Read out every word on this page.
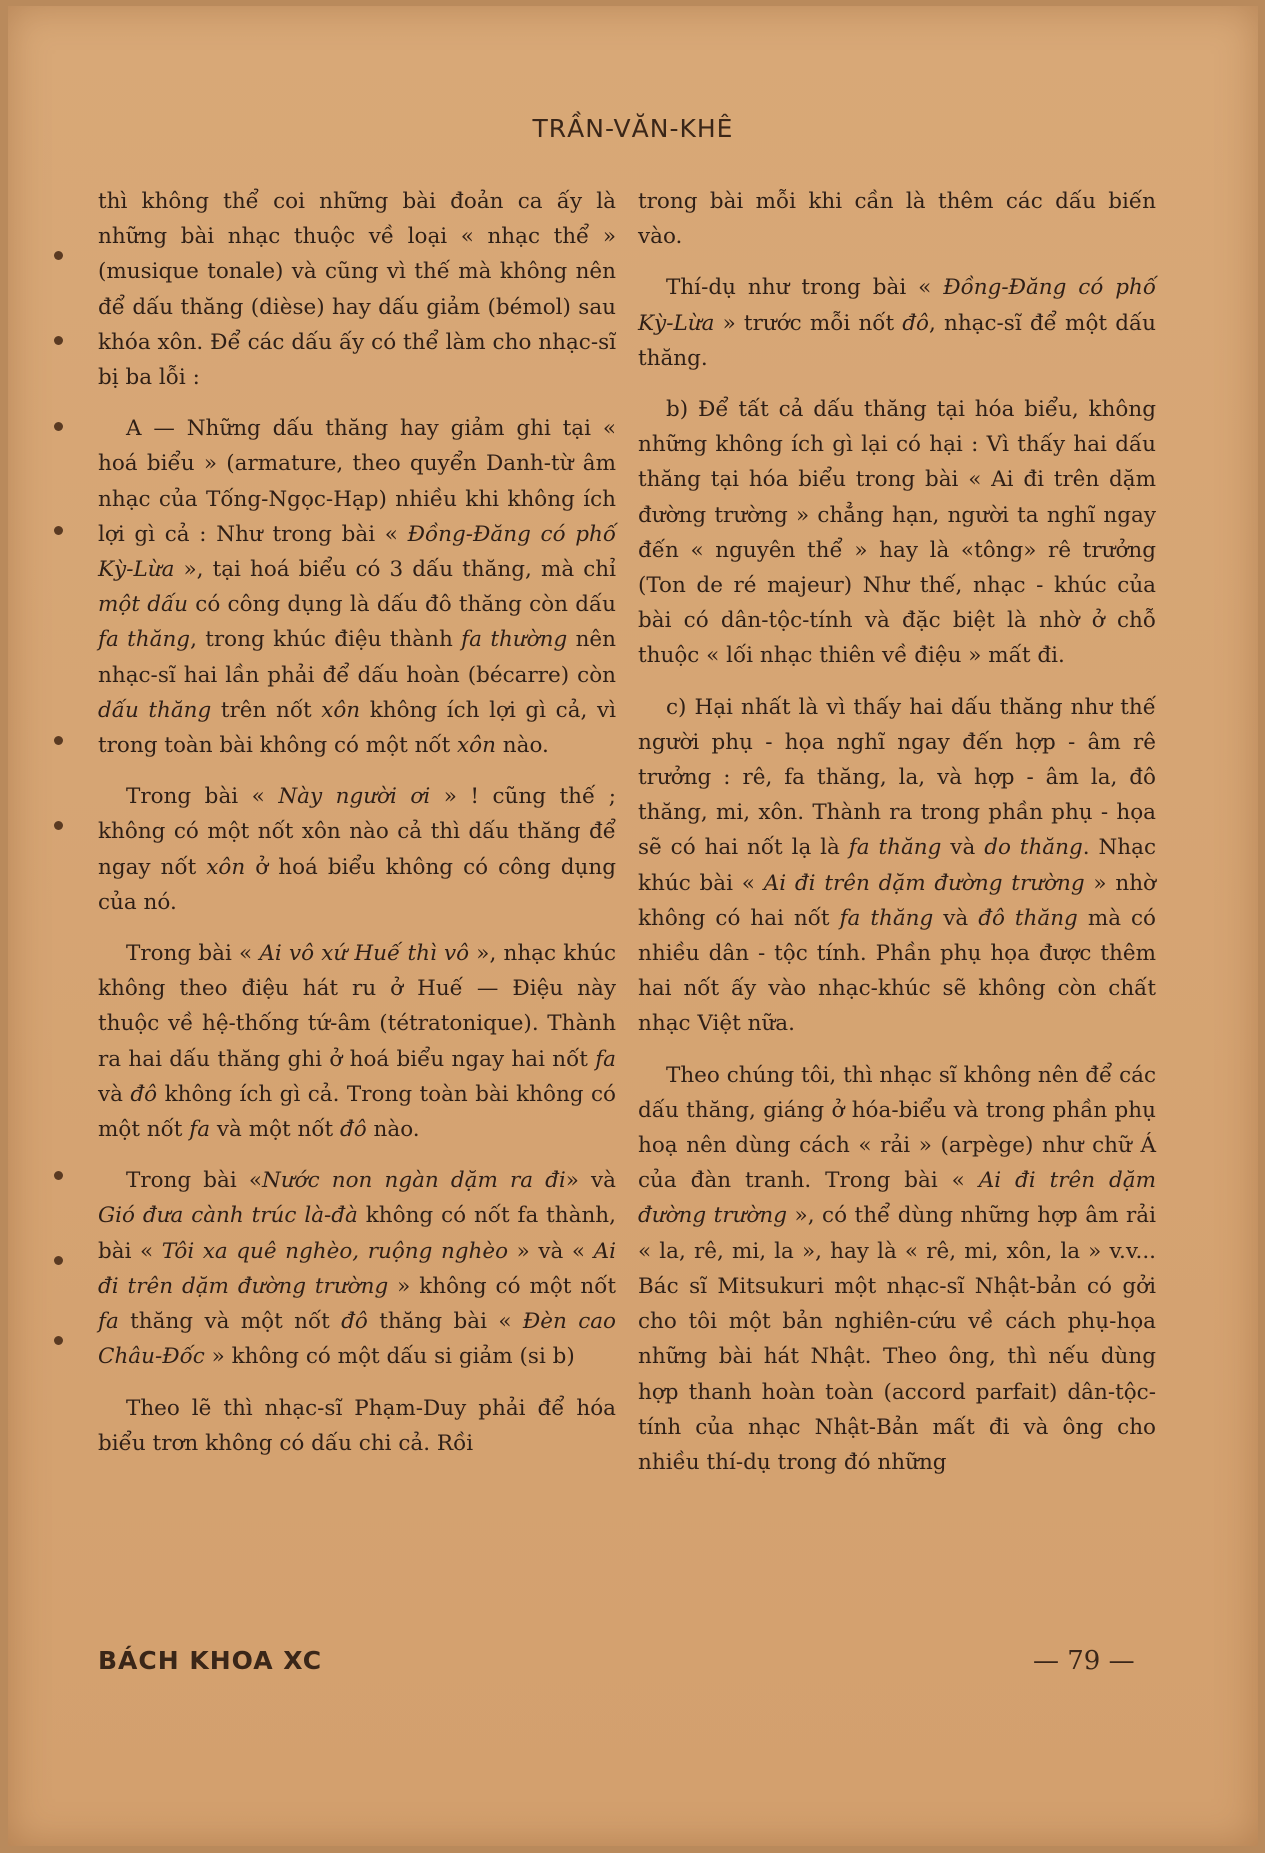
TRẦN-VĂN-KHÊ

thì không thể coi những bài đoản ca ấy là những bài nhạc thuộc về loại « nhạc thể » (musique tonale) và cũng vì thế mà không nên để dấu thăng (dièse) hay dấu giảm (bémol) sau khóa xôn. Để các dấu ấy có thể làm cho nhạc-sĩ bị ba lỗi :

A — Những dấu thăng hay giảm ghi tại « hoá biểu » (armature, theo quyển Danh-từ âm nhạc của Tống-Ngọc-Hạp) nhiều khi không ích lợi gì cả : Như trong bài « Đồng-Đăng có phố Kỳ-Lừa », tại hoá biểu có 3 dấu thăng, mà chỉ một dấu có công dụng là dấu đô thăng còn dấu fa thăng, trong khúc điệu thành fa thường nên nhạc-sĩ hai lần phải để dấu hoàn (bécarre) còn dấu thăng trên nốt xôn không ích lợi gì cả, vì trong toàn bài không có một nốt xôn nào.

Trong bài « Này người ơi » ! cũng thế ; không có một nốt xôn nào cả thì dấu thăng để ngay nốt xôn ở hoá biểu không có công dụng của nó.

Trong bài « Ai vô xứ Huế thì vô », nhạc khúc không theo điệu hát ru ở Huế — Điệu này thuộc về hệ-thống tứ-âm (tétratonique). Thành ra hai dấu thăng ghi ở hoá biểu ngay hai nốt fa và đô không ích gì cả. Trong toàn bài không có một nốt fa và một nốt đô nào.

Trong bài «Nước non ngàn dặm ra đi» và Gió đưa cành trúc là-đà không có nốt fa thành, bài « Tôi xa quê nghèo, ruộng nghèo » và « Ai đi trên dặm đường trường » không có một nốt fa thăng và một nốt đô thăng bài « Đèn cao Châu-Đốc » không có một dấu si giảm (si b)

Theo lẽ thì nhạc-sĩ Phạm-Duy phải để hóa biểu trơn không có dấu chi cả. Rồi

trong bài mỗi khi cần là thêm các dấu biến vào.

Thí-dụ như trong bài « Đồng-Đăng có phố Kỳ-Lừa » trước mỗi nốt đô, nhạc-sĩ để một dấu thăng.

b) Để tất cả dấu thăng tại hóa biểu, không những không ích gì lại có hại : Vì thấy hai dấu thăng tại hóa biểu trong bài « Ai đi trên dặm đường trường » chẳng hạn, người ta nghĩ ngay đến « nguyên thể » hay là «tông» rê trưởng (Ton de ré majeur) Như thế, nhạc - khúc của bài có dân-tộc-tính và đặc biệt là nhờ ở chỗ thuộc « lối nhạc thiên về điệu » mất đi.

c) Hại nhất là vì thấy hai dấu thăng như thế người phụ - họa nghĩ ngay đến hợp - âm rê trưởng : rê, fa thăng, la, và hợp - âm la, đô thăng, mi, xôn. Thành ra trong phần phụ - họa sẽ có hai nốt lạ là fa thăng và do thăng. Nhạc khúc bài « Ai đi trên dặm đường trường » nhờ không có hai nốt fa thăng và đô thăng mà có nhiều dân - tộc tính. Phần phụ họa được thêm hai nốt ấy vào nhạc-khúc sẽ không còn chất nhạc Việt nữa.

Theo chúng tôi, thì nhạc sĩ không nên để các dấu thăng, giáng ở hóa-biểu và trong phần phụ hoạ nên dùng cách « rải » (arpège) như chữ Á của đàn tranh. Trong bài « Ai đi trên dặm đường trường », có thể dùng những hợp âm rải « la, rê, mi, la », hay là « rê, mi, xôn, la » v.v... Bác sĩ Mitsukuri một nhạc-sĩ Nhật-bản có gởi cho tôi một bản nghiên-cứu về cách phụ-họa những bài hát Nhật. Theo ông, thì nếu dùng hợp thanh hoàn toàn (accord parfait) dân-tộc-tính của nhạc Nhật-Bản mất đi và ông cho nhiều thí-dụ trong đó những

BÁCH KHOA XC	— 79 —
